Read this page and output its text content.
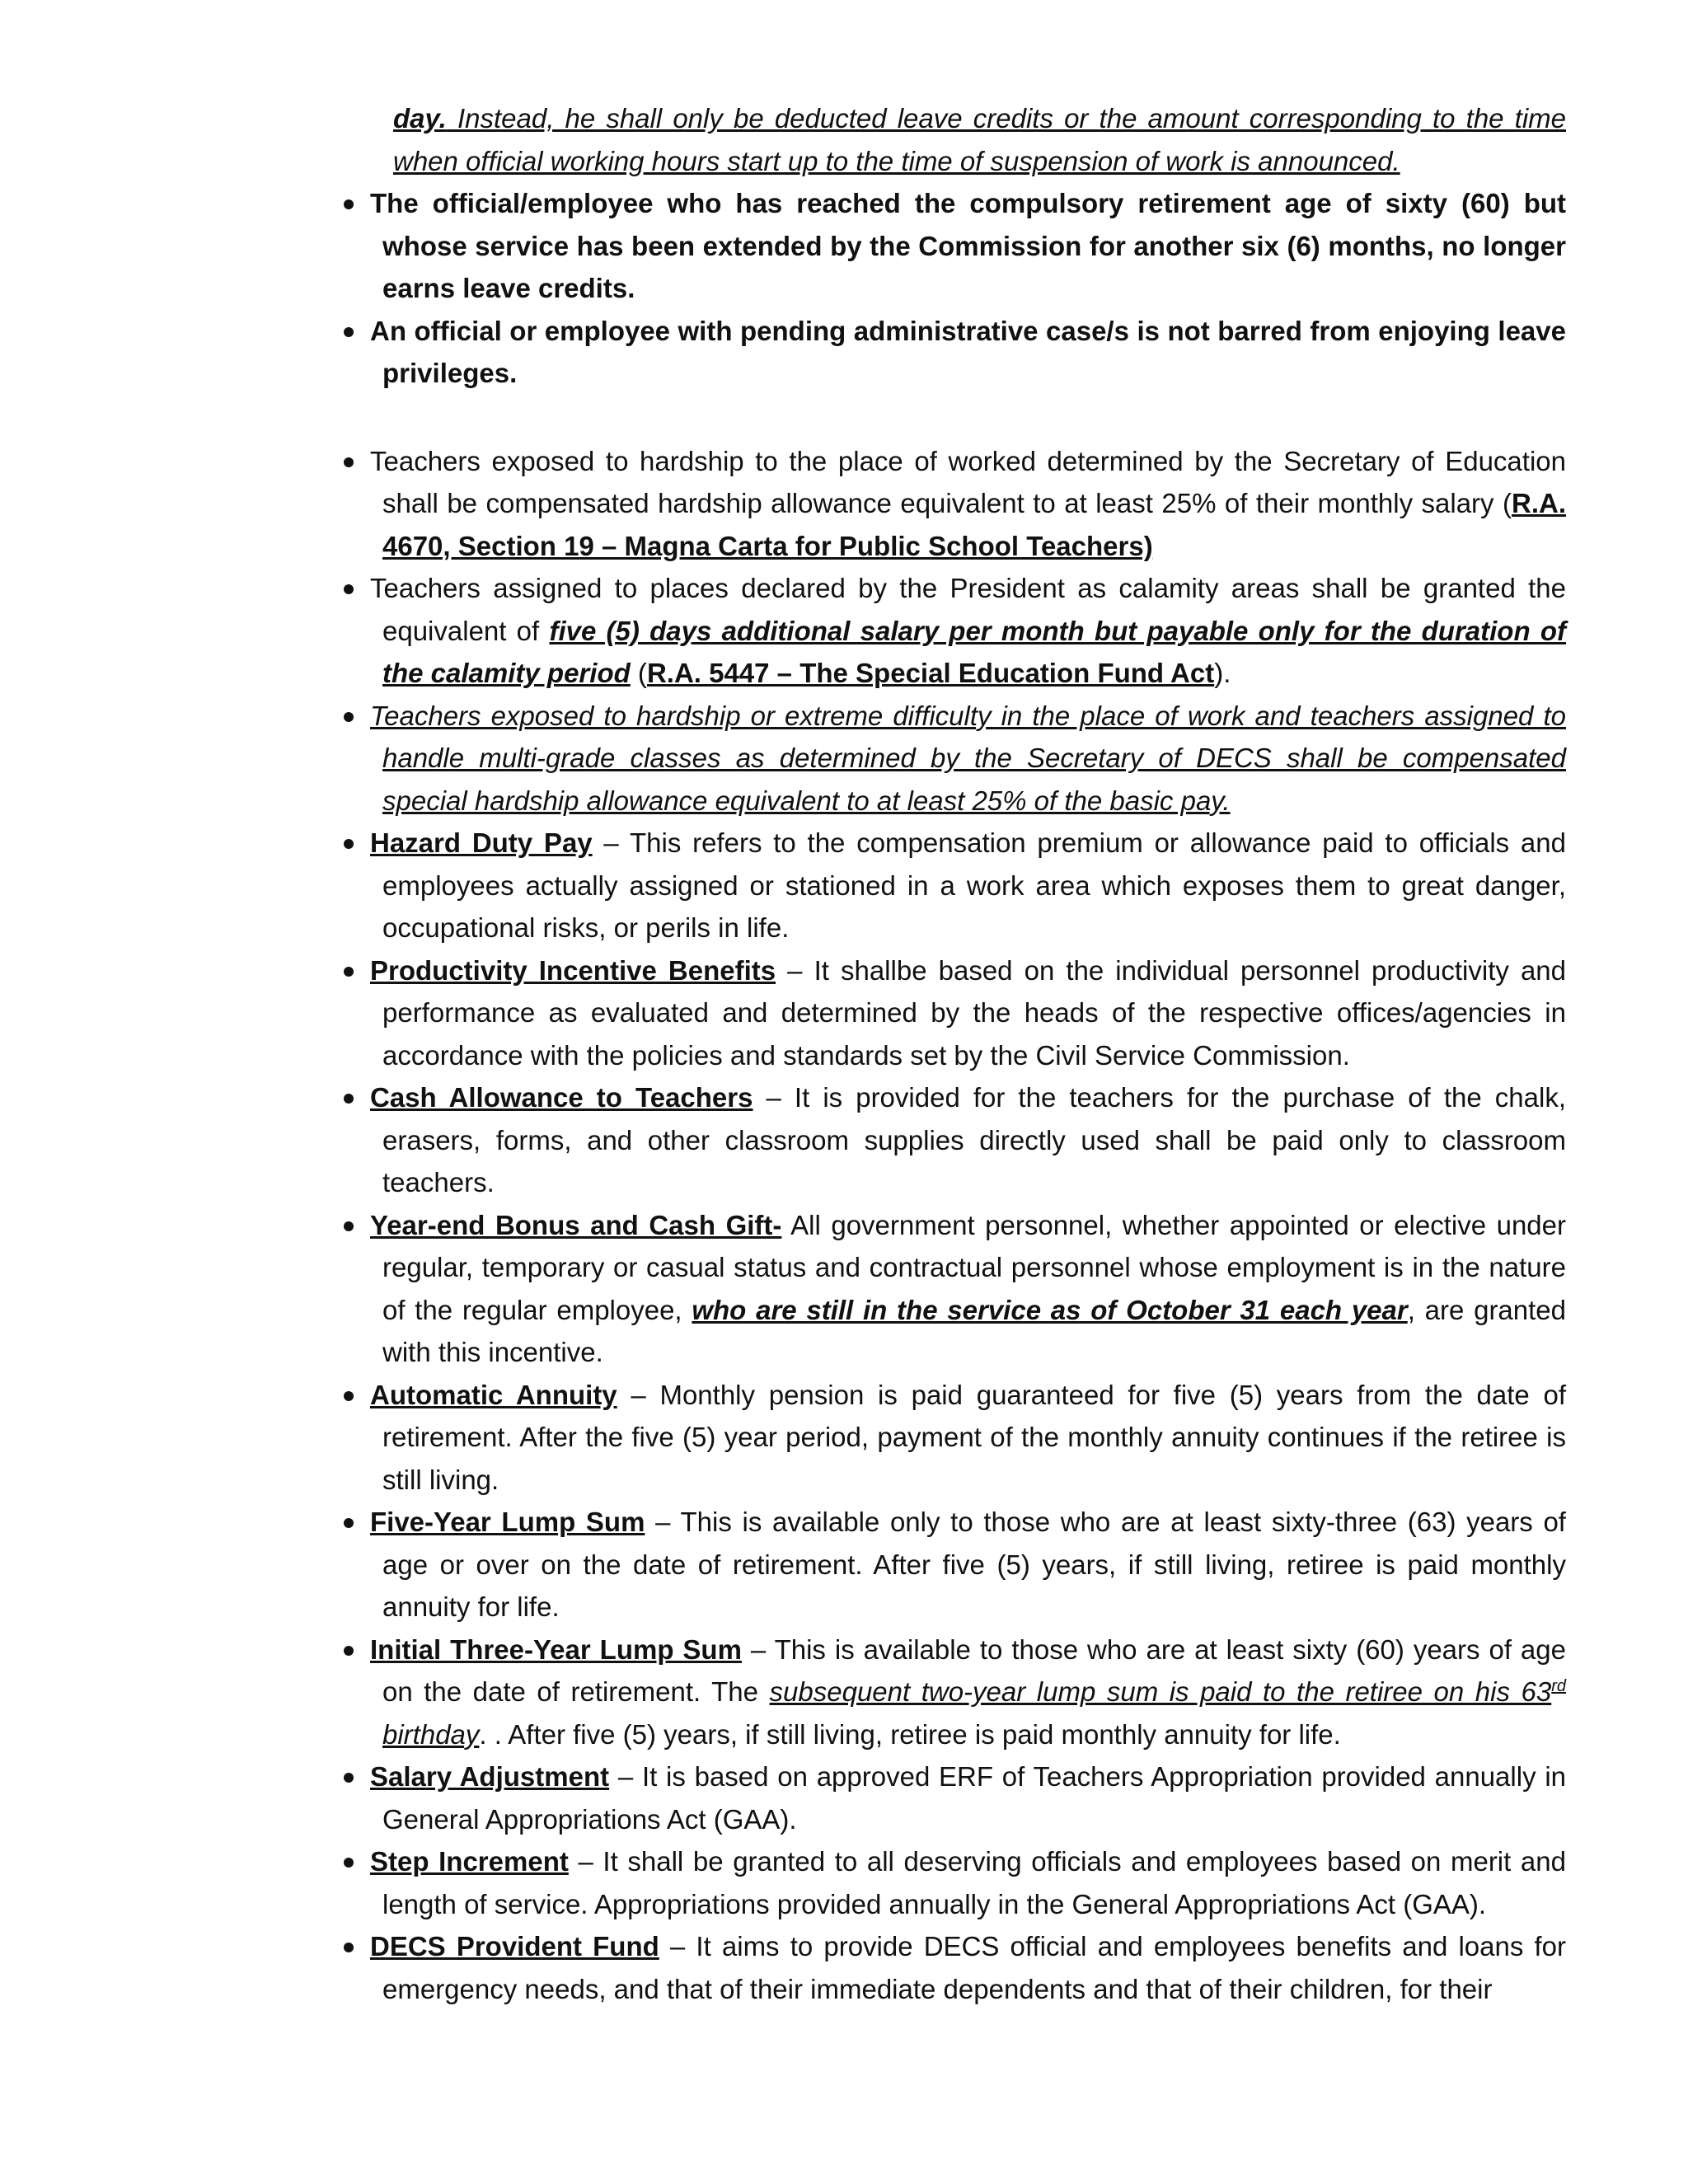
day. Instead, he shall only be deducted leave credits or the amount corresponding to the time when official working hours start up to the time of suspension of work is announced.
The official/employee who has reached the compulsory retirement age of sixty (60) but whose service has been extended by the Commission for another six (6) months, no longer earns leave credits.
An official or employee with pending administrative case/s is not barred from enjoying leave privileges.
Teachers exposed to hardship to the place of worked determined by the Secretary of Education shall be compensated hardship allowance equivalent to at least 25% of their monthly salary (R.A. 4670, Section 19 – Magna Carta for Public School Teachers)
Teachers assigned to places declared by the President as calamity areas shall be granted the equivalent of five (5) days additional salary per month but payable only for the duration of the calamity period (R.A. 5447 – The Special Education Fund Act).
Teachers exposed to hardship or extreme difficulty in the place of work and teachers assigned to handle multi-grade classes as determined by the Secretary of DECS shall be compensated special hardship allowance equivalent to at least 25% of the basic pay.
Hazard Duty Pay – This refers to the compensation premium or allowance paid to officials and employees actually assigned or stationed in a work area which exposes them to great danger, occupational risks, or perils in life.
Productivity Incentive Benefits – It shallbe based on the individual personnel productivity and performance as evaluated and determined by the heads of the respective offices/agencies in accordance with the policies and standards set by the Civil Service Commission.
Cash Allowance to Teachers – It is provided for the teachers for the purchase of the chalk, erasers, forms, and other classroom supplies directly used shall be paid only to classroom teachers.
Year-end Bonus and Cash Gift- All government personnel, whether appointed or elective under regular, temporary or casual status and contractual personnel whose employment is in the nature of the regular employee, who are still in the service as of October 31 each year, are granted with this incentive.
Automatic Annuity – Monthly pension is paid guaranteed for five (5) years from the date of retirement. After the five (5) year period, payment of the monthly annuity continues if the retiree is still living.
Five-Year Lump Sum – This is available only to those who are at least sixty-three (63) years of age or over on the date of retirement. After five (5) years, if still living, retiree is paid monthly annuity for life.
Initial Three-Year Lump Sum – This is available to those who are at least sixty (60) years of age on the date of retirement. The subsequent two-year lump sum is paid to the retiree on his 63rd birthday. . After five (5) years, if still living, retiree is paid monthly annuity for life.
Salary Adjustment – It is based on approved ERF of Teachers Appropriation provided annually in General Appropriations Act (GAA).
Step Increment – It shall be granted to all deserving officials and employees based on merit and length of service. Appropriations provided annually in the General Appropriations Act (GAA).
DECS Provident Fund – It aims to provide DECS official and employees benefits and loans for emergency needs, and that of their immediate dependents and that of their children, for their
